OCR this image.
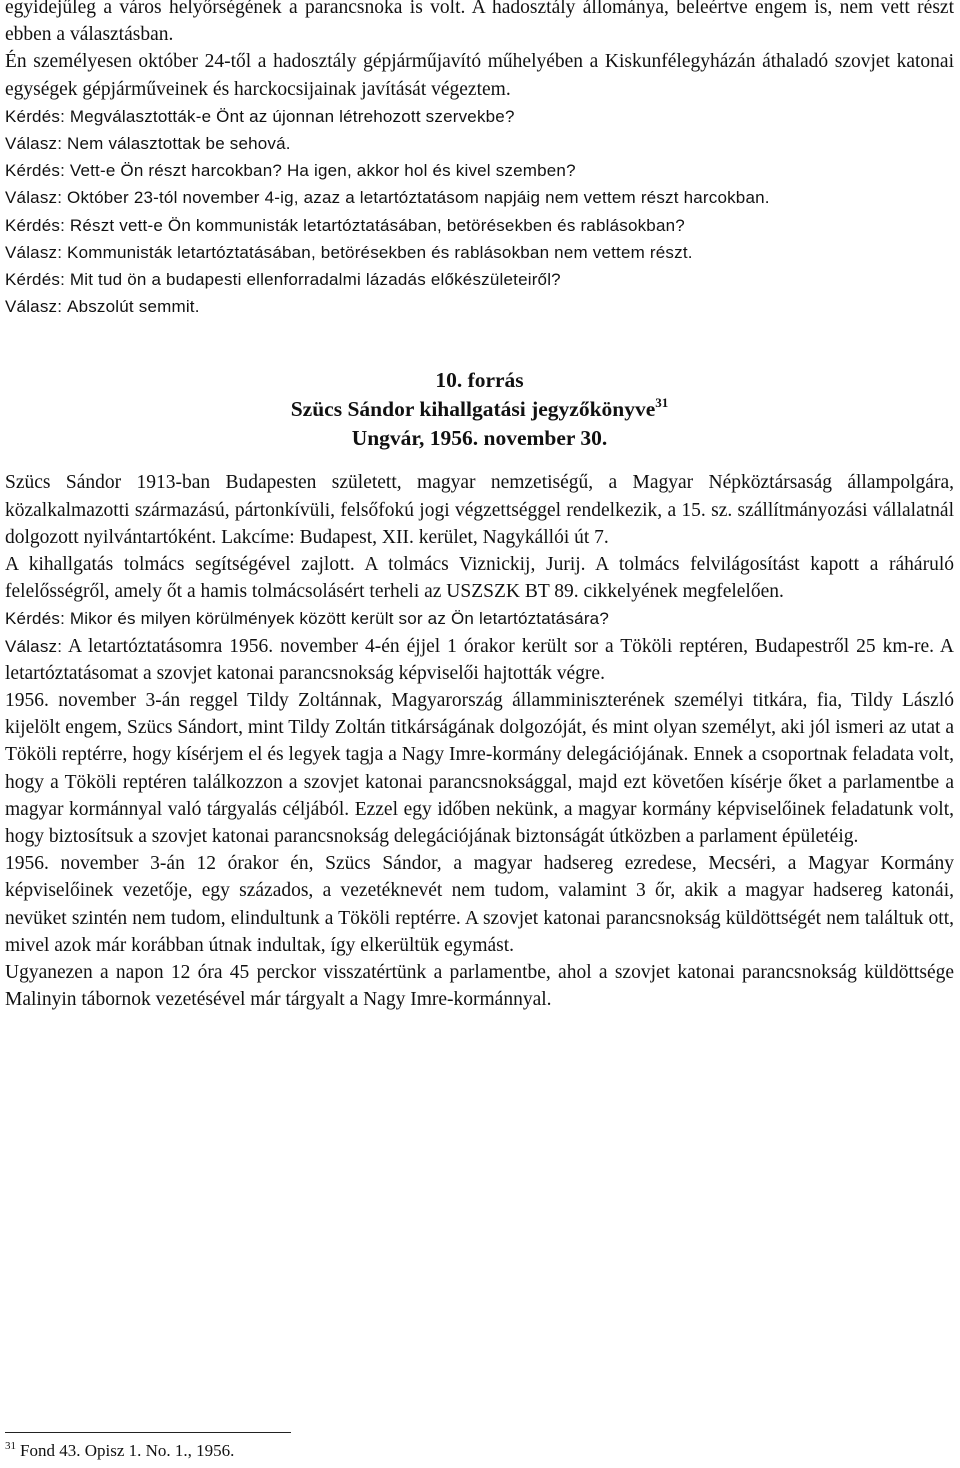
egyidejűleg a város helyőrségének a parancsnoka is volt. A hadosztály állománya, beleértve engem is, nem vett részt ebben a választásban.

Én személyesen október 24-től a hadosztály gépjárműjavító műhelyében a Kiskunfélegyházán áthaladó szovjet katonai egységek gépjárműveinek és harckocsijainak javítását végeztem.

Kérdés: Megválasztották-e Önt az újonnan létrehozott szervekbe?

Válasz: Nem választottak be sehová.

Kérdés: Vett-e Ön részt harcokban? Ha igen, akkor hol és kivel szemben?

Válasz: Október 23-tól november 4-ig, azaz a letartóztatásom napjáig nem vettem részt harcokban.

Kérdés: Részt vett-e Ön kommunisták letartóztatásában, betörésekben és rablásokban?

Válasz: Kommunisták letartóztatásában, betörésekben és rablásokban nem vettem részt.

Kérdés: Mit tud ön a budapesti ellenforradalmi lázadás előkészületeiről?

Válasz: Abszolút semmit.

10. forrás
Szücs Sándor kihallgatási jegyzőkönyve$^{31}$
Ungvár, 1956. november 30.

Szücs Sándor 1913-ban Budapesten született, magyar nemzetiségű, a Magyar Népköztársaság állampolgára, közalkalmazotti származású, pártonkívüli, felsőfokú jogi végzettséggel rendelkezik, a 15. sz. szállítmányozási vállalatnál dolgozott nyilvántartóként. Lakcíme: Budapest, XII. kerület, Nagykállói út 7.

A kihallgatás tolmács segítségével zajlott. A tolmács Viznickij, Jurij. A tolmács felvilágosítást kapott a ráháruló felelősségről, amely őt a hamis tolmácsolásért terheli az USZSZK BT 89. cikkelyének megfelelően.

Kérdés: Mikor és milyen körülmények között került sor az Ön letartóztatására?

Válasz: A letartóztatásomra 1956. november 4-én éjjel 1 órakor került sor a Tököli reptéren, Budapestről 25 km-re. A letartóztatásomat a szovjet katonai parancsnokság képviselői hajtották végre.

1956. november 3-án reggel Tildy Zoltánnak, Magyarország államminiszterének személyi titkára, fia, Tildy László kijelölt engem, Szücs Sándort, mint Tildy Zoltán titkárságának dolgozóját, és mint olyan személyt, aki jól ismeri az utat a Tököli reptérre, hogy kísérjem el és legyek tagja a Nagy Imre-kormány delegációjának. Ennek a csoportnak feladata volt, hogy a Tököli reptéren találkozzon a szovjet katonai parancsnoksággal, majd ezt követően kísérje őket a parlamentbe a magyar kormánnyal való tárgyalás céljából. Ezzel egy időben nekünk, a magyar kormány képviselőinek feladatunk volt, hogy biztosítsuk a szovjet katonai parancsnokság delegációjának biztonságát útközben a parlament épületéig.

1956. november 3-án 12 órakor én, Szücs Sándor, a magyar hadsereg ezredese, Mecséri, a Magyar Kormány képviselőinek vezetője, egy százados, a vezetéknevét nem tudom, valamint 3 őr, akik a magyar hadsereg katonái, nevüket szintén nem tudom, elindultunk a Tököli reptérre. A szovjet katonai parancsnokság küldöttségét nem találtuk ott, mivel azok már korábban útnak indultak, így elkerültük egymást.

Ugyanezen a napon 12 óra 45 perckor visszatértünk a parlamentbe, ahol a szovjet katonai parancsnokság küldöttsége Malinyin tábornok vezetésével már tárgyalt a Nagy Imre-kormánnyal.

$^{31}$ Fond 43. Opisz 1. No. 1., 1956.
